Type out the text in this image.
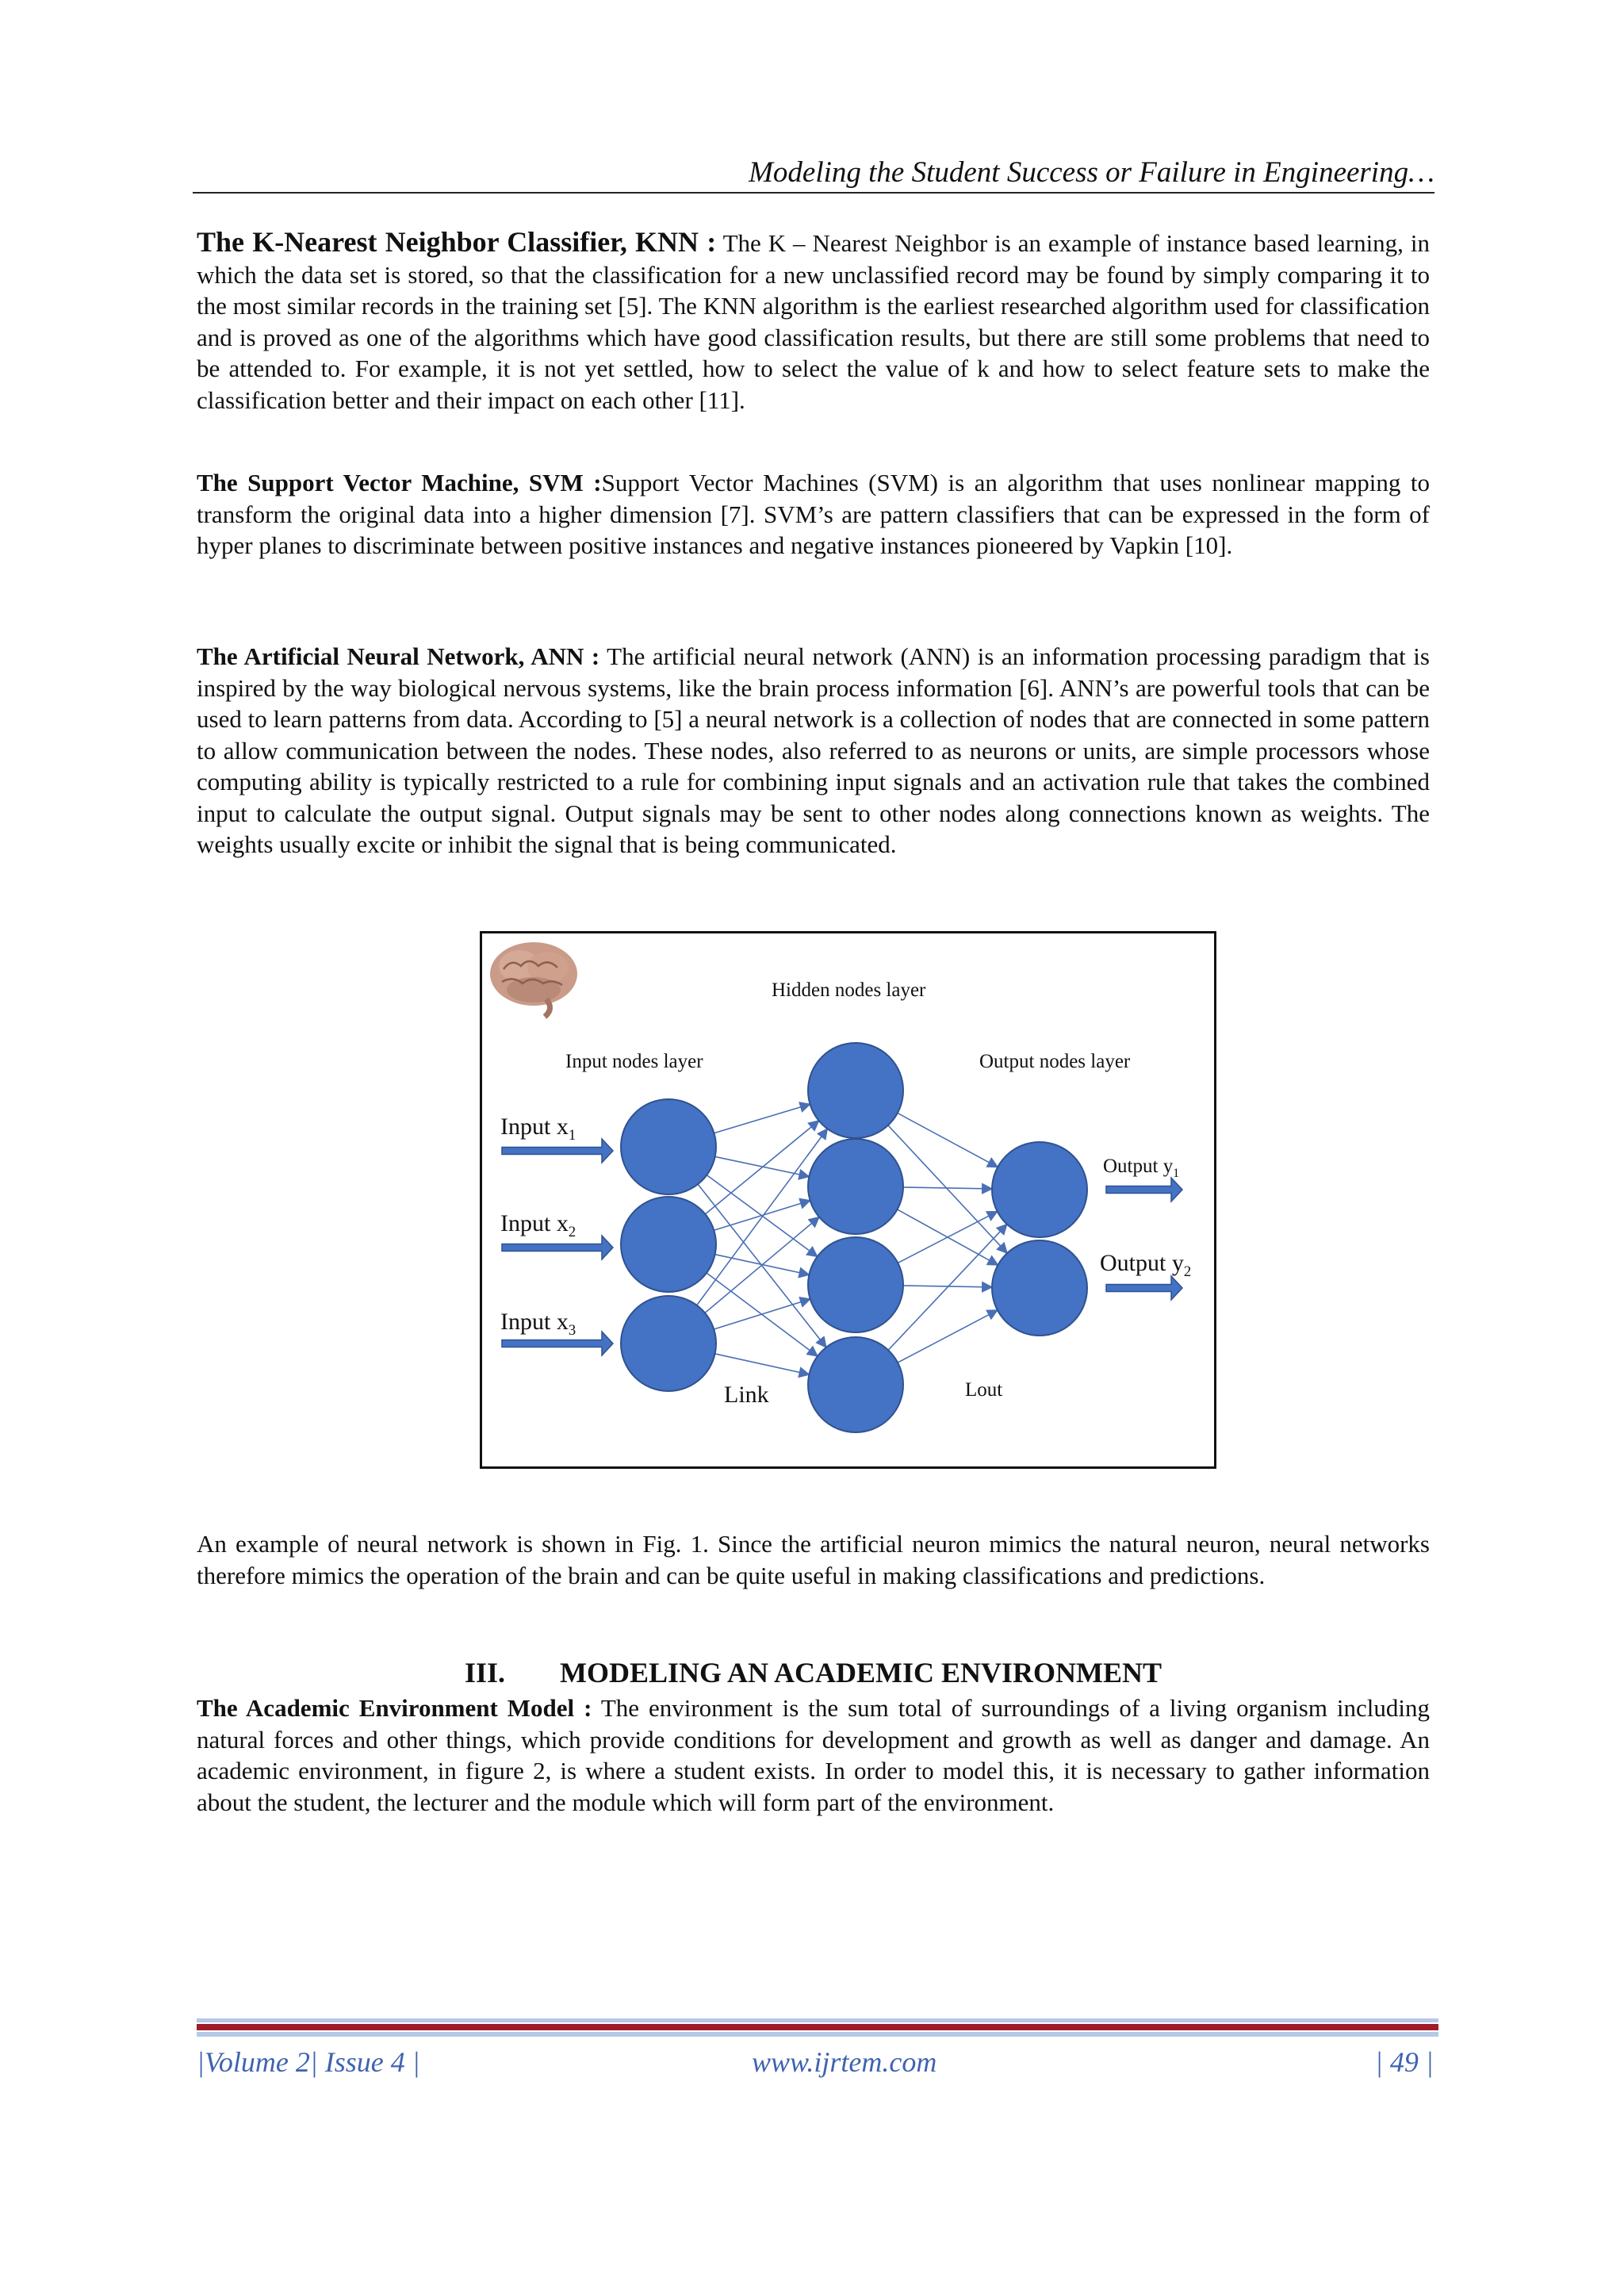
Modeling the Student Success or Failure in Engineering…

The K-Nearest Neighbor Classifier, KNN : The K – Nearest Neighbor is an example of instance based learning, in which the data set is stored, so that the classification for a new unclassified record may be found by simply comparing it to the most similar records in the training set [5]. The KNN algorithm is the earliest researched algorithm used for classification and is proved as one of the algorithms which have good classification results, but there are still some problems that need to be attended to. For example, it is not yet settled, how to select the value of k and how to select feature sets to make the classification better and their impact on each other [11].

The Support Vector Machine, SVM :Support Vector Machines (SVM) is an algorithm that uses nonlinear mapping to transform the original data into a higher dimension [7]. SVM’s are pattern classifiers that can be expressed in the form of hyper planes to discriminate between positive instances and negative instances pioneered by Vapkin [10].

The Artificial Neural Network, ANN : The artificial neural network (ANN) is an information processing paradigm that is inspired by the way biological nervous systems, like the brain process information [6]. ANN’s are powerful tools that can be used to learn patterns from data. According to [5] a neural network is a collection of nodes that are connected in some pattern to allow communication between the nodes. These nodes, also referred to as neurons or units, are simple processors whose computing ability is typically restricted to a rule for combining input signals and an activation rule that takes the combined input to calculate the output signal. Output signals may be sent to other nodes along connections known as weights. The weights usually excite or inhibit the signal that is being communicated.

Hidden nodes layer
Input nodes layer	Output nodes layer
Input $x_1$
Input $x_2$
Input $x_3$
Output $y_1$
Output $y_2$
Link	Lout

An example of neural network is shown in Fig. 1. Since the artificial neuron mimics the natural neuron, neural networks therefore mimics the operation of the brain and can be quite useful in making classifications and predictions.

III. MODELING AN ACADEMIC ENVIRONMENT

The Academic Environment Model : The environment is the sum total of surroundings of a living organism including natural forces and other things, which provide conditions for development and growth as well as danger and damage. An academic environment, in figure 2, is where a student exists. In order to model this, it is necessary to gather information about the student, the lecturer and the module which will form part of the environment.

|Volume 2| Issue 4 |	www.ijrtem.com	| 49 |
